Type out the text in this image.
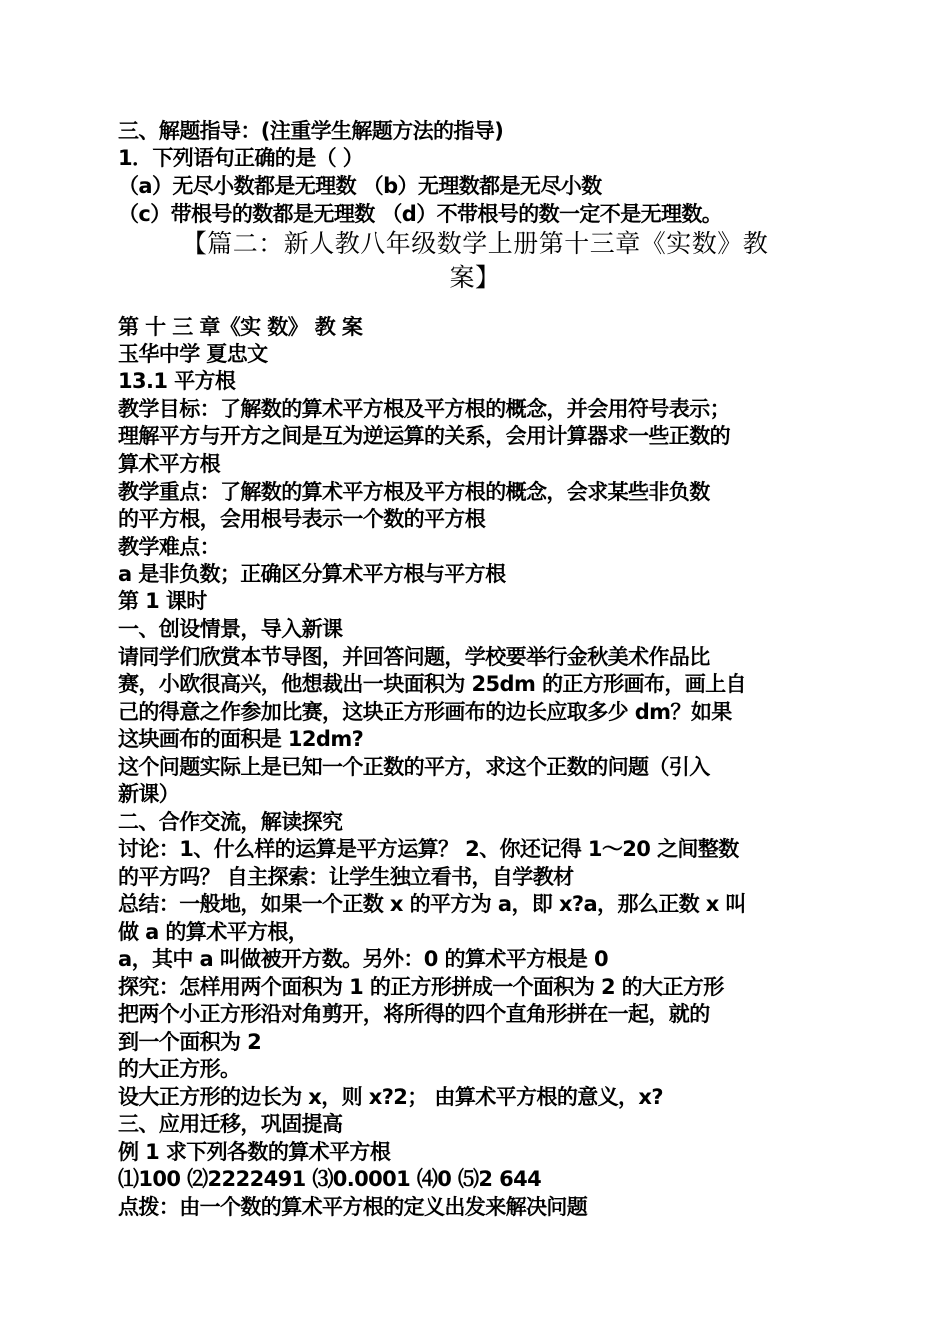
三、解题指导：(注重学生解题方法的指导)
1．下列语句正确的是（ ）
（a）无尽小数都是无理数 （b）无理数都是无尽小数
（c）带根号的数都是无理数 （d）不带根号的数一定不是无理数。
【篇二：新人教八年级数学上册第十三章《实数》教
案】
第 十 三 章《实 数》 教 案
玉华中学 夏忠文
13.1 平方根
教学目标：了解数的算术平方根及平方根的概念，并会用符号表示；
理解平方与开方之间是互为逆运算的关系，会用计算器求一些正数的
算术平方根
教学重点：了解数的算术平方根及平方根的概念，会求某些非负数
的平方根，会用根号表示一个数的平方根
教学难点：
a 是非负数；正确区分算术平方根与平方根
第 1 课时
一、创设情景，导入新课
请同学们欣赏本节导图，并回答问题，学校要举行金秋美术作品比
赛，小欧很高兴，他想裁出一块面积为 25dm 的正方形画布，画上自
己的得意之作参加比赛，这块正方形画布的边长应取多少 dm？如果
这块画布的面积是 12dm?
这个问题实际上是已知一个正数的平方，求这个正数的问题（引入
新课）
二、合作交流，解读探究
讨论：1、什么样的运算是平方运算？ 2、你还记得 1～20 之间整数
的平方吗？ 自主探索：让学生独立看书，自学教材
总结：一般地，如果一个正数 x 的平方为 a，即 x?a，那么正数 x 叫
做 a 的算术平方根，
a，其中 a 叫做被开方数。另外：0 的算术平方根是 0
探究：怎样用两个面积为 1 的正方形拼成一个面积为 2 的大正方形
把两个小正方形沿对角剪开，将所得的四个直角形拼在一起，就的
到一个面积为 2
的大正方形。
设大正方形的边长为 x，则 x?2； 由算术平方根的意义，x?
三、应用迁移，巩固提高
例 1 求下列各数的算术平方根
⑴100 ⑵2222491 ⑶0.0001 ⑷0 ⑸2 644
点拨：由一个数的算术平方根的定义出发来解决问题
